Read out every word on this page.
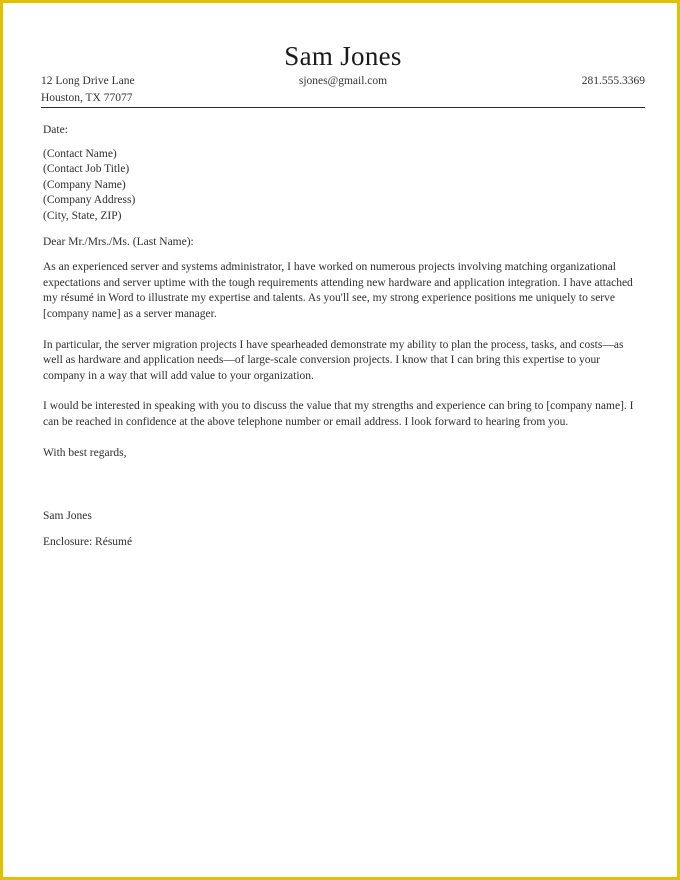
Sam Jones
12 Long Drive Lane
Houston, TX 77077
sjones@gmail.com	281.555.3369
Date:
(Contact Name)
(Contact Job Title)
(Company Name)
(Company Address)
(City, State, ZIP)
Dear Mr./Mrs./Ms. (Last Name):

As an experienced server and systems administrator, I have worked on numerous projects involving matching organizational expectations and server uptime with the tough requirements attending new hardware and application integration. I have attached my résumé in Word to illustrate my expertise and talents. As you'll see, my strong experience positions me uniquely to serve [company name] as a server manager.

In particular, the server migration projects I have spearheaded demonstrate my ability to plan the process, tasks, and costs—as well as hardware and application needs—of large-scale conversion projects. I know that I can bring this expertise to your company in a way that will add value to your organization.

I would be interested in speaking with you to discuss the value that my strengths and experience can bring to [company name]. I can be reached in confidence at the above telephone number or email address. I look forward to hearing from you.

With best regards,
Sam Jones
Enclosure: Résumé
